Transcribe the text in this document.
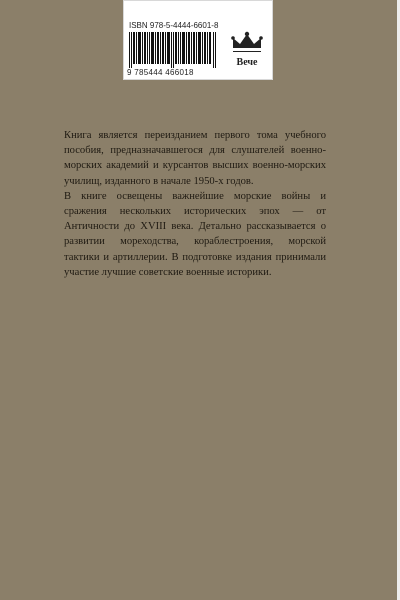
ISBN 978-5-4444-6601-8
9 785444 466018
Вече

Книга является переизданием первого тома учебного пособия, предназначавшегося для слушателей военно-морских академий и курсантов высших военно-морских училищ, изданного в начале 1950-х годов.

В книге освещены важнейшие морские войны и сражения нескольких исторических эпох — от Античности до XVIII века. Детально рассказывается о развитии мореходства, кораблестроения, морской тактики и артиллерии. В подготовке издания принимали участие лучшие советские военные историки.
